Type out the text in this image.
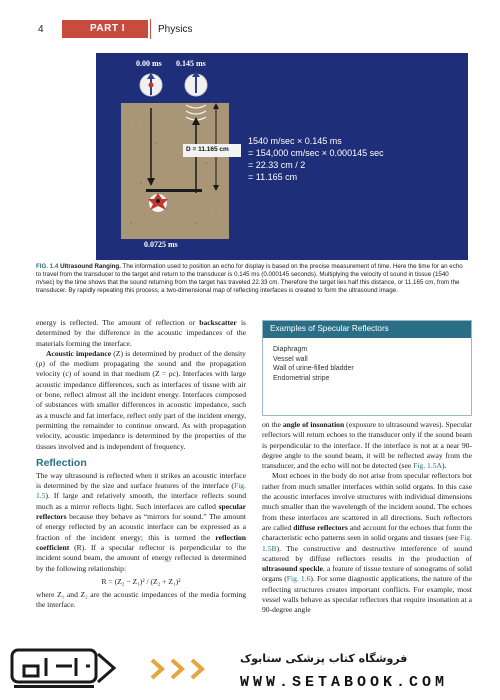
4	PART I	Physics
0.00 ms 0.145 ms
D = 11.165 cm
0.0725 ms
1540 m/sec × 0.145 ms
= 154,000 cm/sec × 0.000145 sec
= 22.33 cm / 2
= 11.165 cm
FIG. 1.4 Ultrasound Ranging. The information used to position an echo for display is based on the precise measurement of time. Here the time for an echo to travel from the transducer to the target and return to the transducer is 0.145 ms (0.000145 seconds). Multiplying the velocity of sound in tissue (1540 m/sec) by the time shows that the sound returning from the target has traveled 22.33 cm. Therefore the target lies half this distance, or 11.165 cm, from the transducer. By rapidly repeating this process, a two-dimensional map of reflecting interfaces is created to form the ultrasound image.

energy is reflected. The amount of reflection or backscatter is determined by the difference in the acoustic impedances of the materials forming the interface.

Acoustic impedance (Z) is determined by product of the density (ρ) of the medium propagating the sound and the propagation velocity (c) of sound in that medium (Z = ρc). Interfaces with large acoustic impedance differences, such as interfaces of tissue with air or bone, reflect almost all the incident energy. Interfaces composed of substances with smaller differences in acoustic impedance, such as a muscle and fat interface, reflect only part of the incident energy, permitting the remainder to continue onward. As with propagation velocity, acoustic impedance is determined by the properties of the tissues involved and is independent of frequency.

Reflection

The way ultrasound is reflected when it strikes an acoustic interface is determined by the size and surface features of the interface (Fig. 1.5). If large and relatively smooth, the interface reflects sound much as a mirror reflects light. Such interfaces are called specular reflectors because they behave as “mirrors for sound.” The amount of energy reflected by an acoustic interface can be expressed as a fraction of the incident energy; this is termed the reflection coefficient (R). If a specular reflector is perpendicular to the incident sound beam, the amount of energy reflected is determined by the following relationship:

R = (Z₂ − Z₁)² / (Z₂ + Z₁)²

where Z₁ and Z₂ are the acoustic impedances of the media forming the interface.

Examples of Specular Reflectors
Diaphragm
Vessel wall
Wall of urine-filled bladder
Endometrial stripe

on the angle of insonation (exposure to ultrasound waves). Specular reflectors will return echoes to the transducer only if the sound beam is perpendicular to the interface. If the interface is not at a near 90-degree angle to the sound beam, it will be reflected away from the transducer, and the echo will not be detected (see Fig. 1.5A).

Most echoes in the body do not arise from specular reflectors but rather from much smaller interfaces within solid organs. In this case the acoustic interfaces involve structures with individual dimensions much smaller than the wavelength of the incident sound. The echoes from these interfaces are scattered in all directions. Such reflectors are called diffuse reflectors and account for the echoes that form the characteristic echo patterns seen in solid organs and tissues (see Fig. 1.5B). The constructive and destructive interference of sound scattered by diffuse reflectors results in the production of ultrasound speckle, a feature of tissue texture of sonograms of solid organs (Fig. 1.6). For some diagnostic applications, the nature of the reflecting structures creates important conflicts. For example, most vessel walls behave as specular reflectors that require insonation at a 90-degree angle

فروشگاه کتاب پزشکی ستابوک
WWW.SETABOOK.COM
